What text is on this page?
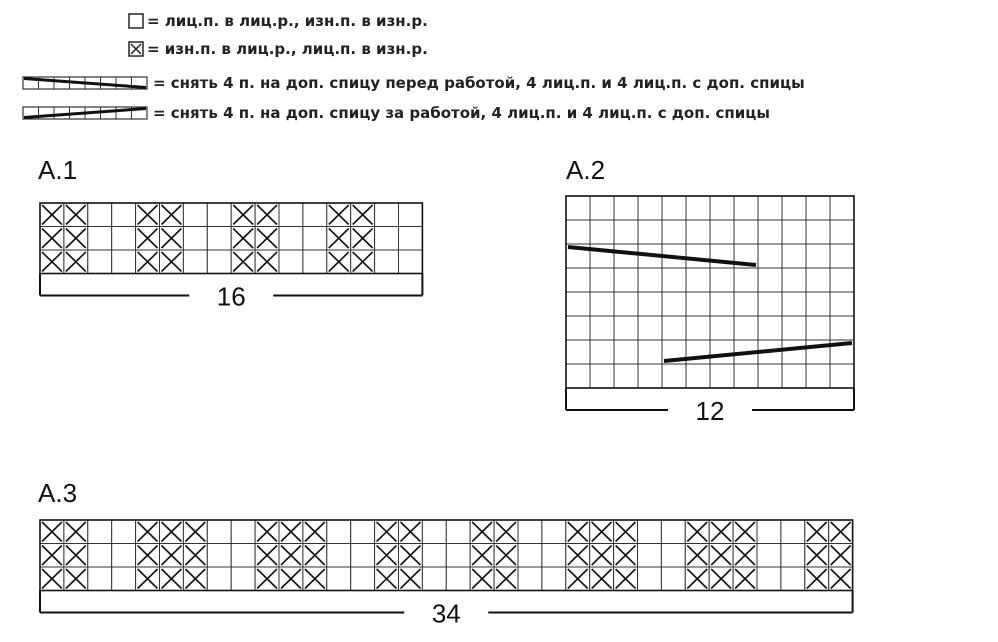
= лиц.п. в лиц.р., изн.п. в изн.р.
= изн.п. в лиц.р., лиц.п. в изн.р.
= снять 4 п. на доп. спицу перед работой, 4 лиц.п. и 4 лиц.п. с доп. спицы
= снять 4 п. на доп. спицу за работой, 4 лиц.п. и 4 лиц.п. с доп. спицы
A.1	A.2
A.3
16
12
34
